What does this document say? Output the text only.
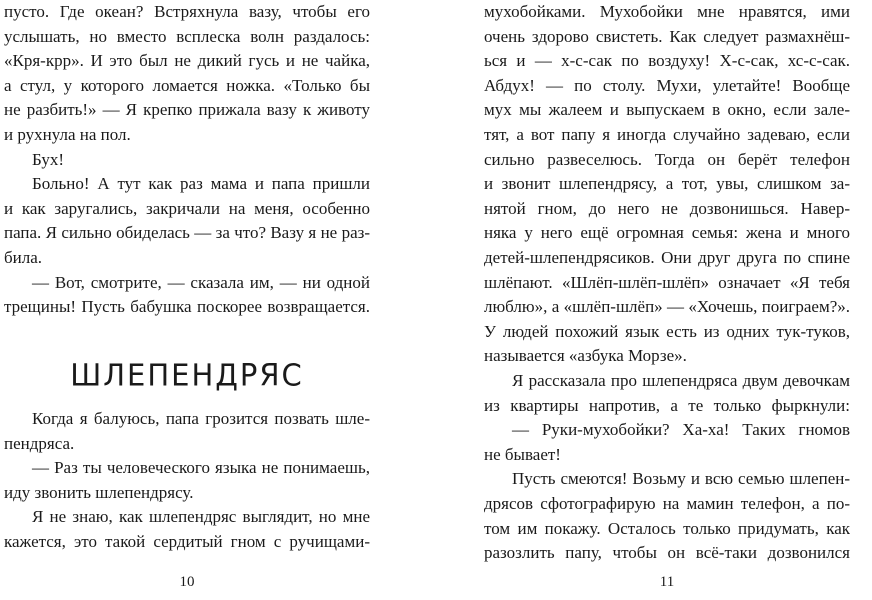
пусто. Где океан? Встряхнула вазу, чтобы его
услышать, но вместо всплеска волн раздалось:
«Кря-крр». И это был не дикий гусь и не чайка,
а стул, у которого ломается ножка. «Только бы
не разбить!» — Я крепко прижала вазу к животу
и рухнула на пол.
Бух!
Больно! А тут как раз мама и папа пришли
и как заругались, закричали на меня, особенно
папа. Я сильно обиделась — за что? Вазу я не раз-
била.
— Вот, смотрите, — сказала им, — ни одной
трещины! Пусть бабушка поскорее возвращается.
ШЛЕПЕНДРЯС
Когда я балуюсь, папа грозится позвать шле-
пендряса.
— Раз ты человеческого языка не понимаешь,
иду звонить шлепендрясу.
Я не знаю, как шлепендряс выглядит, но мне
кажется, это такой сердитый гном с ручищами-
10
мухобойками. Мухобойки мне нравятся, ими
очень здорово свистеть. Как следует размахнёш-
ься и — х-с-сак по воздуху! Х-с-сак, хс-с-сак.
Абдух! — по столу. Мухи, улетайте! Вообще
мух мы жалеем и выпускаем в окно, если зале-
тят, а вот папу я иногда случайно задеваю, если
сильно развеселюсь. Тогда он берёт телефон
и звонит шлепендрясу, а тот, увы, слишком за-
нятой гном, до него не дозвонишься. Навер-
няка у него ещё огромная семья: жена и много
детей-шлепендрясиков. Они друг друга по спине
шлёпают. «Шлёп-шлёп-шлёп» означает «Я тебя
люблю», а «шлёп-шлёп» — «Хочешь, поиграем?».
У людей похожий язык есть из одних тук-туков,
называется «азбука Морзе».
Я рассказала про шлепендряса двум девочкам
из квартиры напротив, а те только фыркнули:
— Руки-мухобойки? Ха-ха! Таких гномов
не бывает!
Пусть смеются! Возьму и всю семью шлепен-
дрясов сфотографирую на мамин телефон, а по-
том им покажу. Осталось только придумать, как
разозлить папу, чтобы он всё-таки дозвонился
11
